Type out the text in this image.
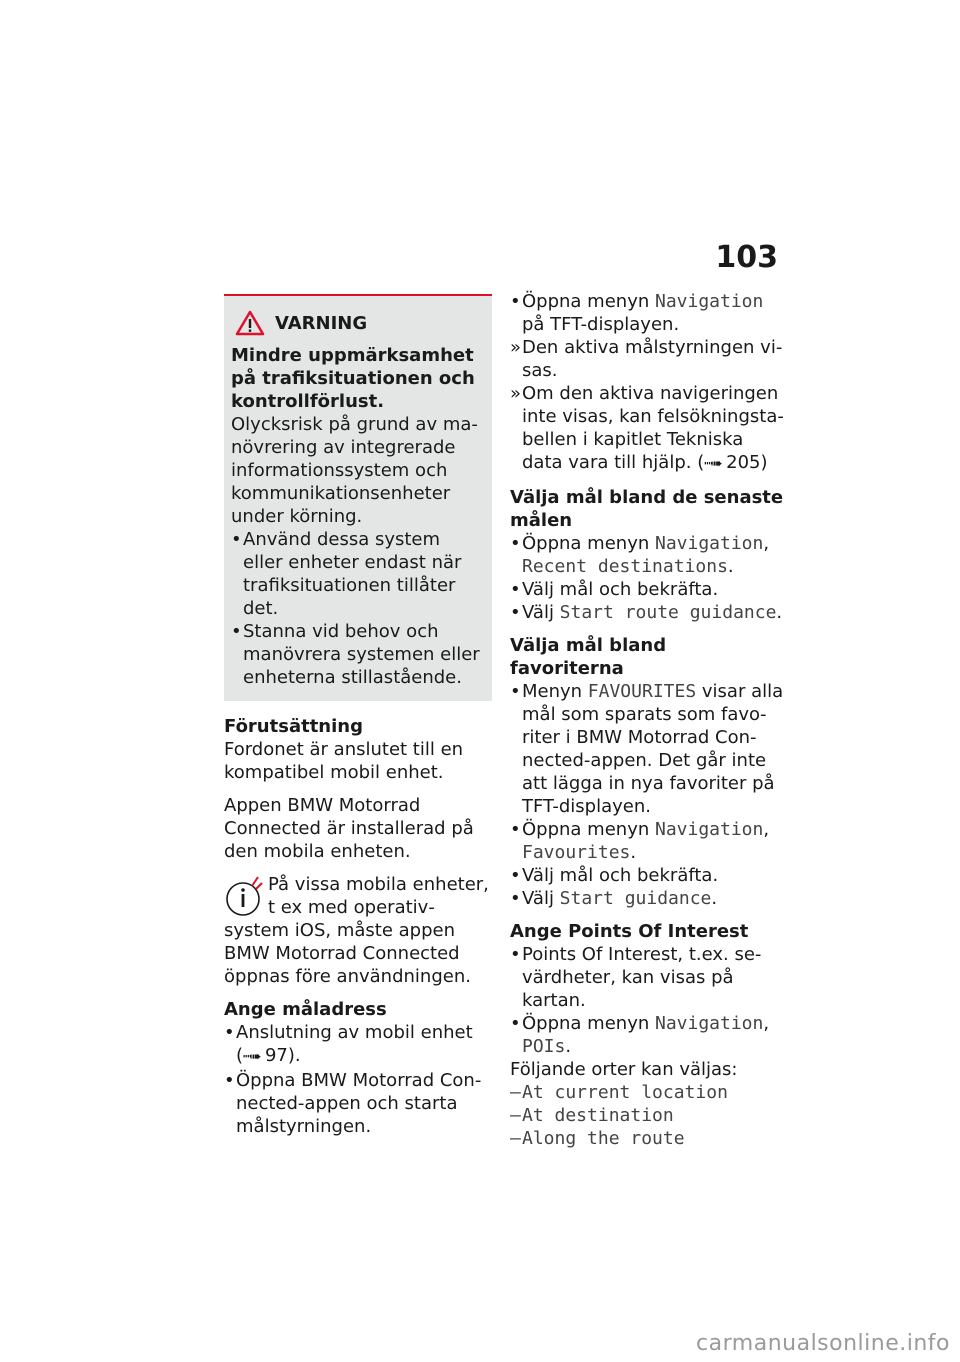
103
VARNING

Mindre uppmärksamhet på trafiksituationen och kontrollförlust.

Olycksrisk på grund av manövrering av integrerade informationssystem och kommunikationsenheter under körning.

• Använd dessa system eller enheter endast när trafiksituationen tillåter det.
• Stanna vid behov och manövrera systemen eller enheterna stillastående.

Förutsättning

Fordonet är anslutet till en kompatibel mobil enhet.

Appen BMW Motorrad Connected är installerad på den mobila enheten.

På vissa mobila enheter, t ex med operativsystem iOS, måste appen BMW Motorrad Connected öppnas före användningen.

Ange måladress

• Anslutning av mobil enhet (┉➠ 97).
• Öppna BMW Motorrad Connected-appen och starta målstyrningen.
• Öppna menyn Navigation på TFT-displayen.
» Den aktiva målstyrningen visas.
» Om den aktiva navigeringen inte visas, kan felsökningstabellen i kapitlet Tekniska data vara till hjälp. (┉➠ 205)

Välja mål bland de senaste målen

• Öppna menyn Navigation, Recent destinations.
• Välj mål och bekräfta.
• Välj Start route guidance.

Välja mål bland favoriterna

• Menyn FAVOURITES visar alla mål som sparats som favoriter i BMW Motorrad Connected-appen. Det går inte att lägga in nya favoriter på TFT-displayen.
• Öppna menyn Navigation, Favourites.
• Välj mål och bekräfta.
• Välj Start guidance.

Ange Points Of Interest

• Points Of Interest, t.ex. sevärdheter, kan visas på kartan.
• Öppna menyn Navigation, POIs.

Följande orter kan väljas:

– At current location
– At destination
– Along the route
carmanualsonline.info
